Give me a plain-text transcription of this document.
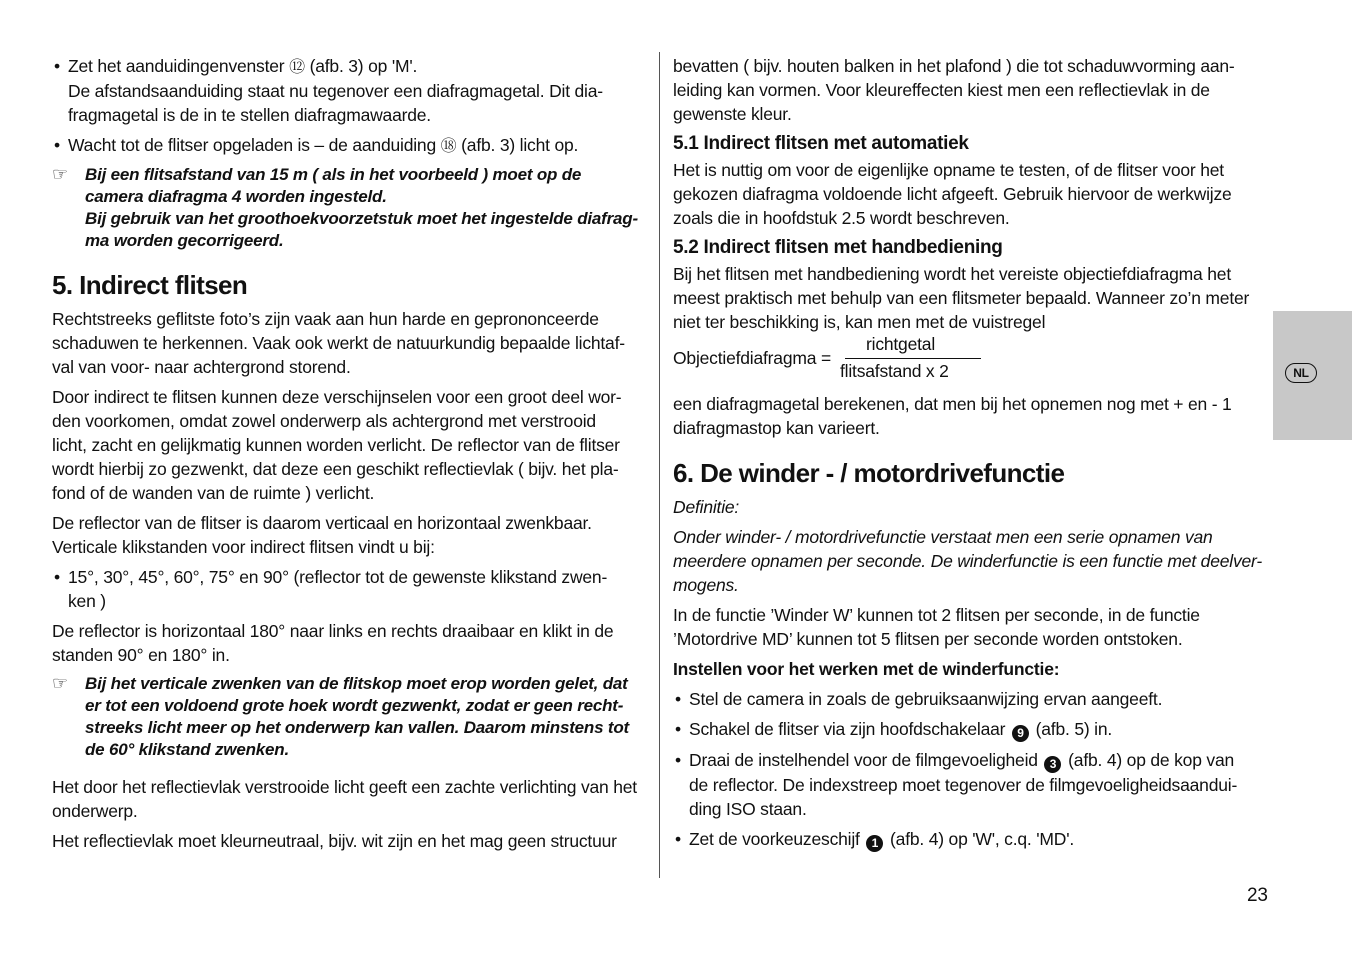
• Zet het aanduidingenvenster ⑫ (afb. 3) op 'M'.
De afstandsaanduiding staat nu tegenover een diafragmagetal. Dit dia-
fragmagetal is de in te stellen diafragmawaarde.
• Wacht tot de flitser opgeladen is – de aanduiding ⑱ (afb. 3) licht op.
☞ Bij een flitsafstand van 15 m ( als in het voorbeeld ) moet op de
camera diafragma 4 worden ingesteld.
Bij gebruik van het groothoekvoorzetstuk moet het ingestelde diafrag-
ma worden gecorrigeerd.
5. Indirect flitsen

Rechtstreeks geflitste foto’s zijn vaak aan hun harde en geprononceerde
schaduwen te herkennen. Vaak ook werkt de natuurkundig bepaalde lichtaf-
val van voor- naar achtergrond storend.

Door indirect te flitsen kunnen deze verschijnselen voor een groot deel wor-
den voorkomen, omdat zowel onderwerp als achtergrond met verstrooid
licht, zacht en gelijkmatig kunnen worden verlicht. De reflector van de flitser
wordt hierbij zo gezwenkt, dat deze een geschikt reflectievlak ( bijv. het pla-
fond of de wanden van de ruimte ) verlicht.

De reflector van de flitser is daarom verticaal en horizontaal zwenkbaar.
Verticale klikstanden voor indirect flitsen vindt u bij:

• 15°, 30°, 45°, 60°, 75° en 90° (reflector tot de gewenste klikstand zwen-
ken )

De reflector is horizontaal 180° naar links en rechts draaibaar en klikt in de
standen 90° en 180° in.

☞ Bij het verticale zwenken van de flitskop moet erop worden gelet, dat
er tot een voldoend grote hoek wordt gezwenkt, zodat er geen recht-
streeks licht meer op het onderwerp kan vallen. Daarom minstens tot
de 60° klikstand zwenken.

Het door het reflectievlak verstrooide licht geeft een zachte verlichting van het
onderwerp.

Het reflectievlak moet kleurneutraal, bijv. wit zijn en het mag geen structuur

bevatten ( bijv. houten balken in het plafond ) die tot schaduwvorming aan-
leiding kan vormen. Voor kleureffecten kiest men een reflectievlak in de
gewenste kleur.

5.1 Indirect flitsen met automatiek

Het is nuttig om voor de eigenlijke opname te testen, of de flitser voor het
gekozen diafragma voldoende licht afgeeft. Gebruik hiervoor de werkwijze
zoals die in hoofdstuk 2.5 wordt beschreven.

5.2 Indirect flitsen met handbediening

Bij het flitsen met handbediening wordt het vereiste objectiefdiafragma het
meest praktisch met behulp van een flitsmeter bepaald. Wanneer zo’n meter
niet ter beschikking is, kan men met de vuistregel

Objectiefdiafragma =
richtgetal
flitsafstand x 2

een diafragmagetal berekenen, dat men bij het opnemen nog met + en - 1
diafragmastop kan varieert.

6. De winder - / motordrivefunctie

Definitie:

Onder winder- / motordrivefunctie verstaat men een serie opnamen van
meerdere opnamen per seconde. De winderfunctie is een functie met deelver-
mogens.

In de functie ’Winder W’ kunnen tot 2 flitsen per seconde, in de functie
’Motordrive MD’ kunnen tot 5 flitsen per seconde worden ontstoken.

Instellen voor het werken met de winderfunctie:
• Stel de camera in zoals de gebruiksaanwijzing ervan aangeeft.
• Schakel de flitser via zijn hoofdschakelaar 9 (afb. 5) in.
• Draai de instelhendel voor de filmgevoeligheid 3 (afb. 4) op de kop van
de reflector. De indexstreep moet tegenover de filmgevoeligheidsaandui-
ding ISO staan.
• Zet de voorkeuzeschijf 1 (afb. 4) op 'W', c.q. 'MD'.
NL
23
